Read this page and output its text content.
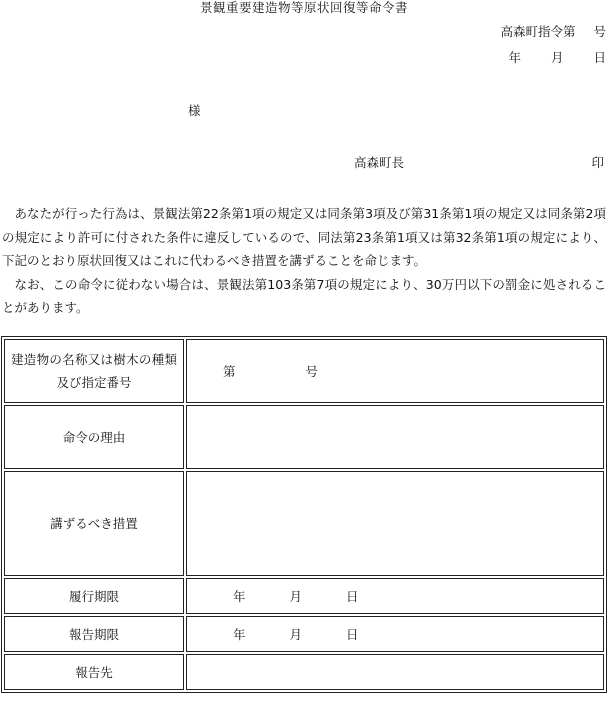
景観重要建造物等原状回復等命令書
高森町指令第 号
年 月 日
様
高森町長	印

あなたが行った行為は、景観法第22条第1項の規定又は同条第3項及び第31条第1項の規定又は同条第2項の規定により許可に付された条件に違反しているので、同法第23条第1項又は第32条第1項の規定により、下記のとおり原状回復又はこれに代わるべき措置を講ずることを命じます。

なお、この命令に従わない場合は、景観法第103条第7項の規定により、30万円以下の罰金に処されることがあります。

建造物の名称又は樹木の種類及び指定番号	第 号
命令の理由	
講ずるべき措置	
履行期限	年 月 日
報告期限	年 月 日
報告先	
